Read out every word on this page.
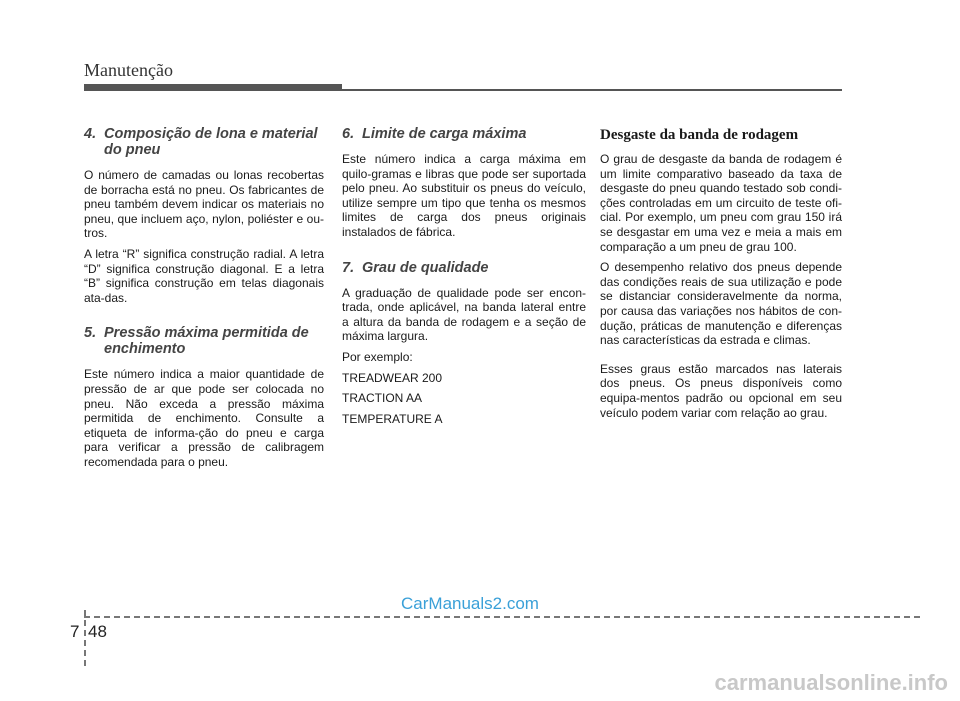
Manutenção
4. Composição de lona e material do pneu

O número de camadas ou lonas recobertas de borracha está no pneu. Os fabricantes de pneu também devem indicar os materiais no pneu, que incluem aço, nylon, poliéster e ou-tros.

A letra “R” significa construção radial. A letra “D” significa construção diagonal. E a letra “B” significa construção em telas diagonais ata-das.

5. Pressão máxima permitida de enchimento

Este número indica a maior quantidade de pressão de ar que pode ser colocada no pneu. Não exceda a pressão máxima permitida de enchimento. Consulte a etiqueta de informa-ção do pneu e carga para verificar a pressão de calibragem recomendada para o pneu.

6. Limite de carga máxima

Este número indica a carga máxima em quilo-gramas e libras que pode ser suportada pelo pneu. Ao substituir os pneus do veículo, utilize sempre um tipo que tenha os mesmos limites de carga dos pneus originais instalados de fábrica.

7. Grau de qualidade

A graduação de qualidade pode ser encon-trada, onde aplicável, na banda lateral entre a altura da banda de rodagem e a seção de máxima largura.

Por exemplo:

TREADWEAR 200

TRACTION AA

TEMPERATURE A

Desgaste da banda de rodagem

O grau de desgaste da banda de rodagem é um limite comparativo baseado da taxa de desgaste do pneu quando testado sob condi-ções controladas em um circuito de teste ofi-cial. Por exemplo, um pneu com grau 150 irá se desgastar em uma vez e meia a mais em comparação a um pneu de grau 100.

O desempenho relativo dos pneus depende das condições reais de sua utilização e pode se distanciar consideravelmente da norma, por causa das variações nos hábitos de con-dução, práticas de manutenção e diferenças nas características da estrada e climas.

Esses graus estão marcados nas laterais dos pneus. Os pneus disponíveis como equipa-mentos padrão ou opcional em seu veículo podem variar com relação ao grau.

CarManuals2.com
7 48
carmanualsonline.info
